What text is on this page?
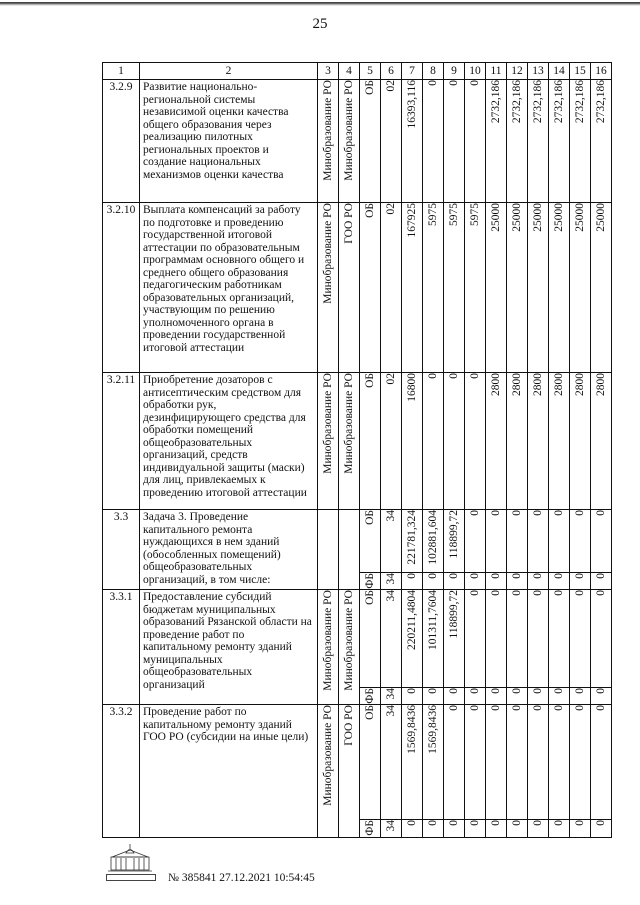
25
1	2	3	4	5	6	7	8	9	10	11	12	13	14	15	16
3.2.9	Развитие национально-региональной системы независимой оценки качества общего образования через реализацию пилотных региональных проектов и создание национальных механизмов оценки качества	Минобразование РО	Минобразование РО	ОБ	02	16393,116	0	0	0	2732,186	2732,186	2732,186	2732,186	2732,186	2732,186

3.2.10	Выплата компенсаций за работу по подготовке и проведению государственной итоговой аттестации по образовательным программам основного общего и среднего общего образования педагогическим работникам образовательных организаций, участвующим по решению уполномоченного органа в проведении государственной итоговой аттестации	Минобразование РО	ГОО РО	ОБ	02	167925	5975	5975	5975	25000	25000	25000	25000	25000	25000

3.2.11	Приобретение дозаторов с антисептическим средством для обработки рук, дезинфицирующего средства для обработки помещений общеобразовательных организаций, средств индивидуальной защиты (маски) для лиц, привлекаемых к проведению итоговой аттестации	Минобразование РО	Минобразование РО	ОБ	02	16800	0	0	0	2800	2800	2800	2800	2800	2800

3.3	Задача 3. Проведение капитального ремонта нуждающихся в нем зданий (обособленных помещений) общеобразовательных организаций, в том числе:			ОБ	34	221781,324	102881,604	118899,72	0	0	0	0	0	0	0

				ФБ	34	0	0	0	0	0	0	0	0	0	0

3.3.1	Предоставление субсидий бюджетам муниципальных образований Рязанской области на проведение работ по капитальному ремонту зданий муниципальных общеобразовательных организаций	Минобразование РО	Минобразование РО	ОБ	34	220211,4804	101311,7604	118899,72	0	0	0	0	0	0	0

				ФБ	34	0	0	0	0	0	0	0	0	0	0

3.3.2	Проведение работ по капитальному ремонту зданий ГОО РО (субсидии на иные цели)	Минобразование РО	ГОО РО	ОБ	34	1569,8436	1569,8436	0	0	0	0	0	0	0	0

				ФБ	34	0	0	0	0	0	0	0	0	0	0
№ 385841 27.12.2021 10:54:45
